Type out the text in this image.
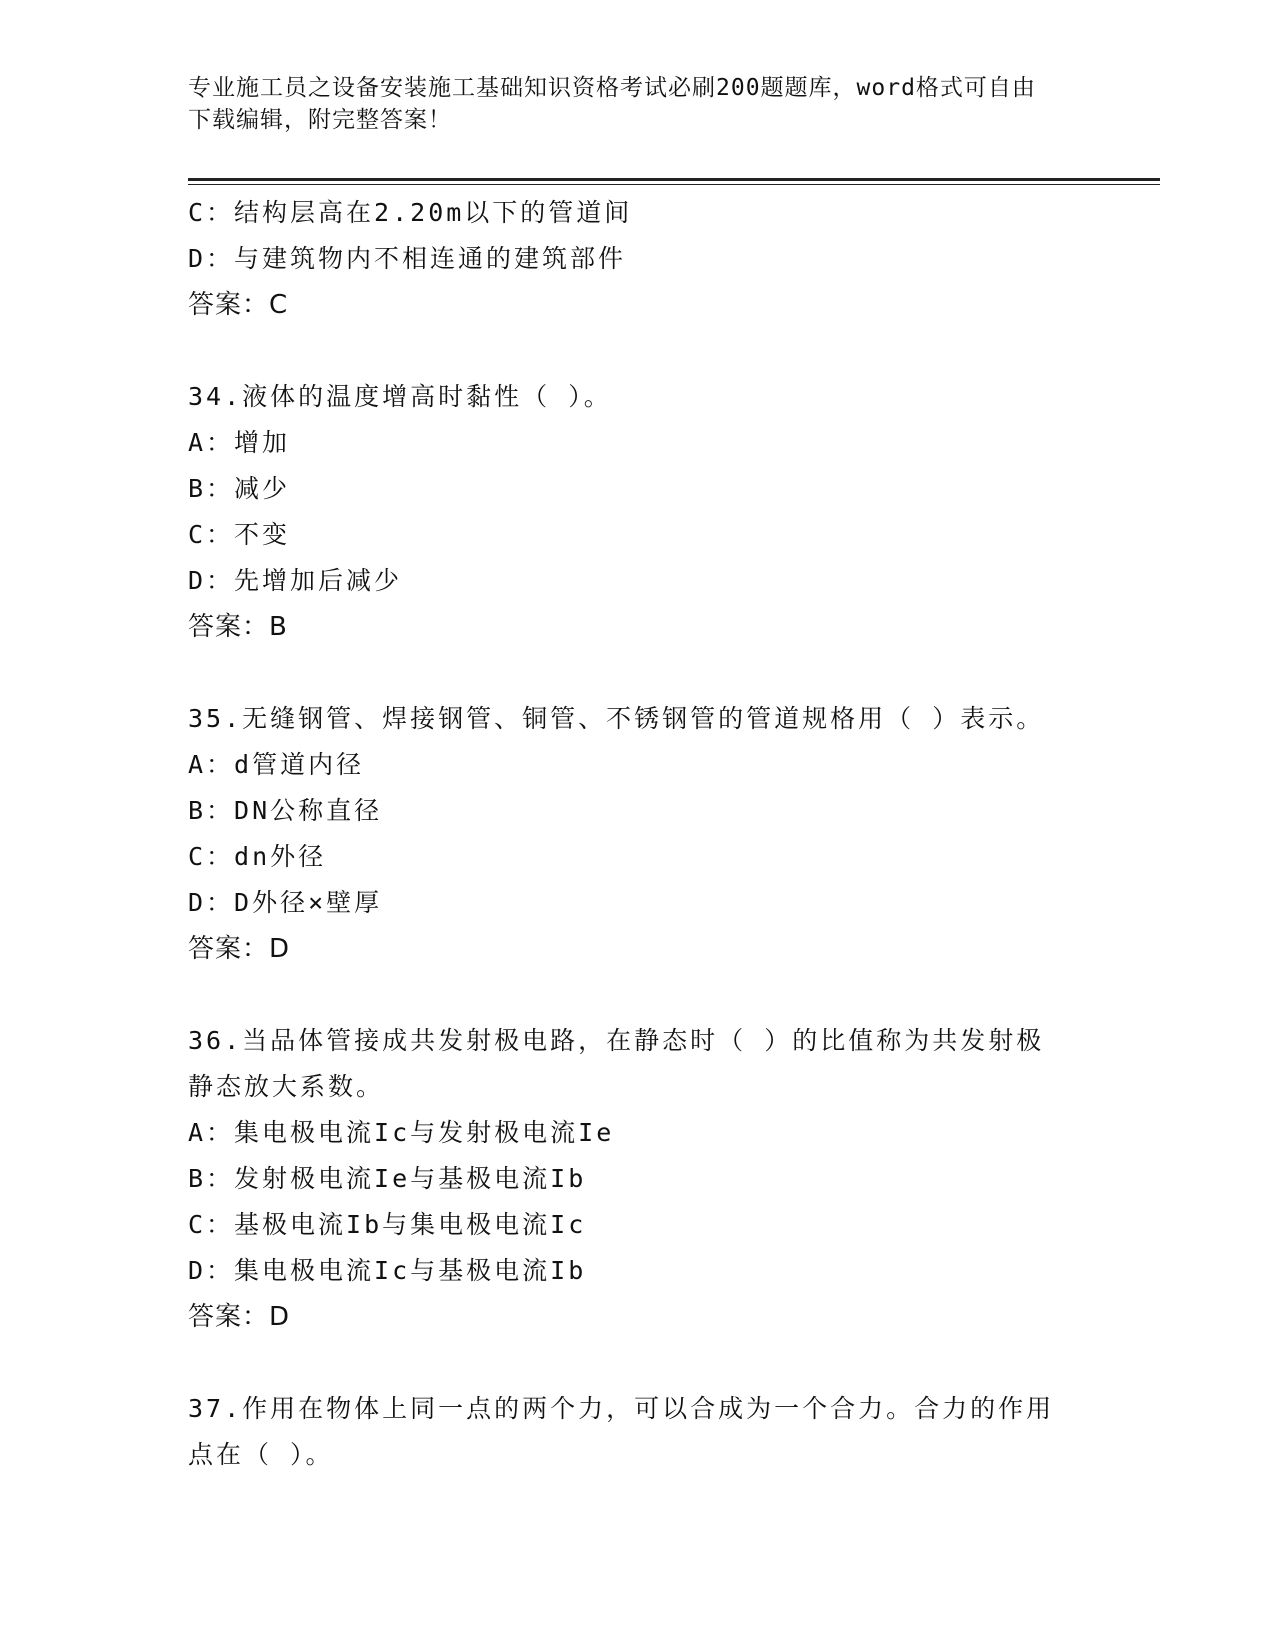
专业施工员之设备安装施工基础知识资格考试必刷200题题库，word格式可自由
下载编辑，附完整答案！
C：结构层高在2.20m以下的管道间
D：与建筑物内不相连通的建筑部件
答案：C
34.液体的温度增高时黏性（ ）。
A：增加
B：减少
C：不变
D：先增加后减少
答案：B
35.无缝钢管、焊接钢管、铜管、不锈钢管的管道规格用（ ）表示。
A：d管道内径
B：DN公称直径
C：dn外径
D：D外径×壁厚
答案：D
36.当品体管接成共发射极电路，在静态时（ ）的比值称为共发射极
静态放大系数。
A：集电极电流Ic与发射极电流Ie
B：发射极电流Ie与基极电流Ib
C：基极电流Ib与集电极电流Ic
D：集电极电流Ic与基极电流Ib
答案：D
37.作用在物体上同一点的两个力，可以合成为一个合力。合力的作用
点在（ ）。
